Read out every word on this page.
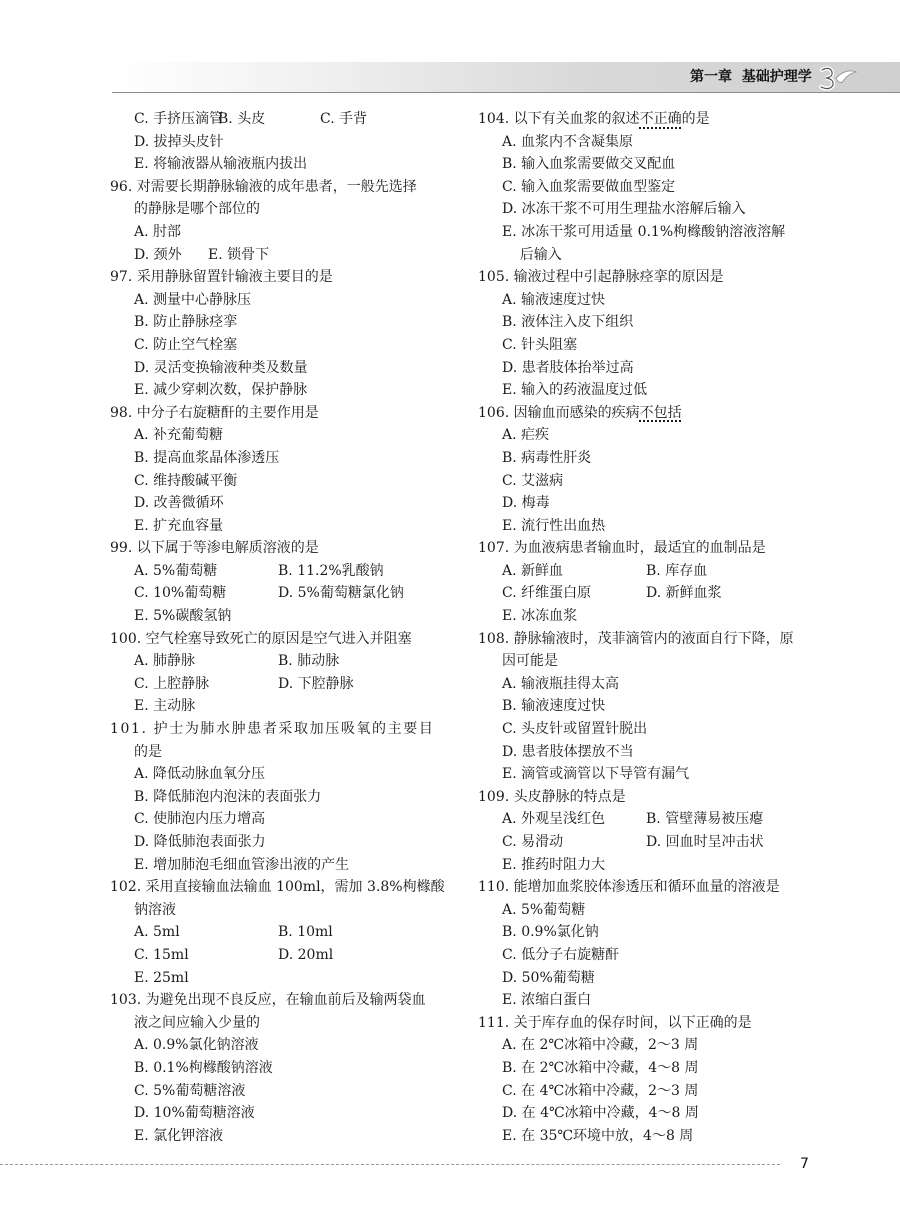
第一章 基础护理学
C. 手挤压滴管
D. 拔掉头皮针
E. 将输液器从输液瓶内拔出
96. 对需要长期静脉输液的成年患者，一般先选择
的静脉是哪个部位的
A. 肘部
B. 头皮	C. 手背
D. 颈外 E. 锁骨下
97. 采用静脉留置针输液主要目的是
A. 测量中心静脉压
B. 防止静脉痉挛
C. 防止空气栓塞
D. 灵活变换输液种类及数量
E. 减少穿刺次数，保护静脉
98. 中分子右旋糖酐的主要作用是
A. 补充葡萄糖
B. 提高血浆晶体渗透压
C. 维持酸碱平衡
D. 改善微循环
E. 扩充血容量
99. 以下属于等渗电解质溶液的是
A. 5%葡萄糖	B. 11.2%乳酸钠
C. 10%葡萄糖	D. 5%葡萄糖氯化钠
E. 5%碳酸氢钠
100. 空气栓塞导致死亡的原因是空气进入并阻塞
A. 肺静脉	B. 肺动脉
C. 上腔静脉	D. 下腔静脉
E. 主动脉
101. 护士为肺水肿患者采取加压吸氧的主要目
的是
A. 降低动脉血氧分压
B. 降低肺泡内泡沫的表面张力
C. 使肺泡内压力增高
D. 降低肺泡表面张力
E. 增加肺泡毛细血管渗出液的产生
102. 采用直接输血法输血 100ml，需加 3.8%枸橼酸
钠溶液
A. 5ml	B. 10ml
C. 15ml	D. 20ml
E. 25ml
103. 为避免出现不良反应，在输血前后及输两袋血
液之间应输入少量的
A. 0.9%氯化钠溶液
B. 0.1%枸橼酸钠溶液
C. 5%葡萄糖溶液
D. 10%葡萄糖溶液
E. 氯化钾溶液
104. 以下有关血浆的叙述不正确的是
A. 血浆内不含凝集原
B. 输入血浆需要做交叉配血
C. 输入血浆需要做血型鉴定
D. 冰冻干浆不可用生理盐水溶解后输入
E. 冰冻干浆可用适量 0.1%枸橼酸钠溶液溶解
后输入
105. 输液过程中引起静脉痉挛的原因是
A. 输液速度过快
B. 液体注入皮下组织
C. 针头阻塞
D. 患者肢体抬举过高
E. 输入的药液温度过低
106. 因输血而感染的疾病不包括
A. 疟疾
B. 病毒性肝炎
C. 艾滋病
D. 梅毒
E. 流行性出血热
107. 为血液病患者输血时，最适宜的血制品是
A. 新鲜血	B. 库存血
C. 纤维蛋白原	D. 新鲜血浆
E. 冰冻血浆
108. 静脉输液时，茂菲滴管内的液面自行下降，原
因可能是
A. 输液瓶挂得太高
B. 输液速度过快
C. 头皮针或留置针脱出
D. 患者肢体摆放不当
E. 滴管或滴管以下导管有漏气
109. 头皮静脉的特点是
A. 外观呈浅红色	B. 管壁薄易被压瘪
C. 易滑动	D. 回血时呈冲击状
E. 推药时阻力大
110. 能增加血浆胶体渗透压和循环血量的溶液是
A. 5%葡萄糖
B. 0.9%氯化钠
C. 低分子右旋糖酐
D. 50%葡萄糖
E. 浓缩白蛋白
111. 关于库存血的保存时间，以下正确的是
A. 在 2℃冰箱中冷藏，2～3 周
B. 在 2℃冰箱中冷藏，4～8 周
C. 在 4℃冰箱中冷藏，2～3 周
D. 在 4℃冰箱中冷藏，4～8 周
E. 在 35℃环境中放，4～8 周
7
